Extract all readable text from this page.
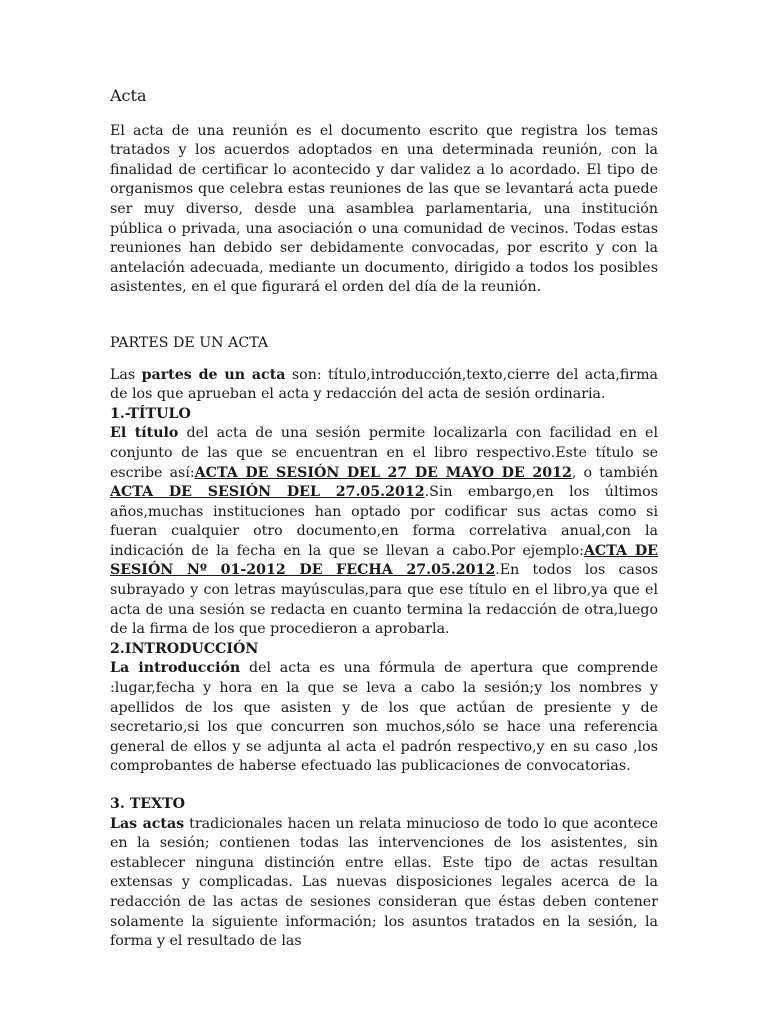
Acta

El acta de una reunión es el documento escrito que registra los temas tratados y los acuerdos adoptados en una determinada reunión, con la finalidad de certificar lo acontecido y dar validez a lo acordado. El tipo de organismos que celebra estas reuniones de las que se levantará acta puede ser muy diverso, desde una asamblea parlamentaria, una institución pública o privada, una asociación o una comunidad de vecinos. Todas estas reuniones han debido ser debidamente convocadas, por escrito y con la antelación adecuada, mediante un documento, dirigido a todos los posibles asistentes, en el que figurará el orden del día de la reunión.

PARTES DE UN ACTA

Las partes de un acta son: título,introducción,texto,cierre del acta,firma de los que aprueban el acta y redacción del acta de sesión ordinaria.

1.-TÍTULO

El título del acta de una sesión permite localizarla con facilidad en el conjunto de las que se encuentran en el libro respectivo.Este título se escribe así:ACTA DE SESIÓN DEL 27 DE MAYO DE 2012, o también ACTA DE SESIÓN DEL 27.05.2012.Sin embargo,en los últimos años,muchas instituciones han optado por codificar sus actas como si fueran cualquier otro documento,en forma correlativa anual,con la indicación de la fecha en la que se llevan a cabo.Por ejemplo:ACTA DE SESIÓN Nº 01-2012 DE FECHA 27.05.2012.En todos los casos subrayado y con letras mayúsculas,para que ese título en el libro,ya que el acta de una sesión se redacta en cuanto termina la redacción de otra,luego de la firma de los que procedieron a aprobarla.

2.INTRODUCCIÓN

La introducción del acta es una fórmula de apertura que comprende :lugar,fecha y hora en la que se leva a cabo la sesión;y los nombres y apellidos de los que asisten y de los que actúan de presiente y de secretario,si los que concurren son muchos,sólo se hace una referencia general de ellos y se adjunta al acta el padrón respectivo,y en su caso ,los comprobantes de haberse efectuado las publicaciones de convocatorias.

3. TEXTO

Las actas tradicionales hacen un relata minucioso de todo lo que acontece en la sesión; contienen todas las intervenciones de los asistentes, sin establecer ninguna distinción entre ellas. Este tipo de actas resultan extensas y complicadas. Las nuevas disposiciones legales acerca de la redacción de las actas de sesiones consideran que éstas deben contener solamente la siguiente información; los asuntos tratados en la sesión, la forma y el resultado de las
